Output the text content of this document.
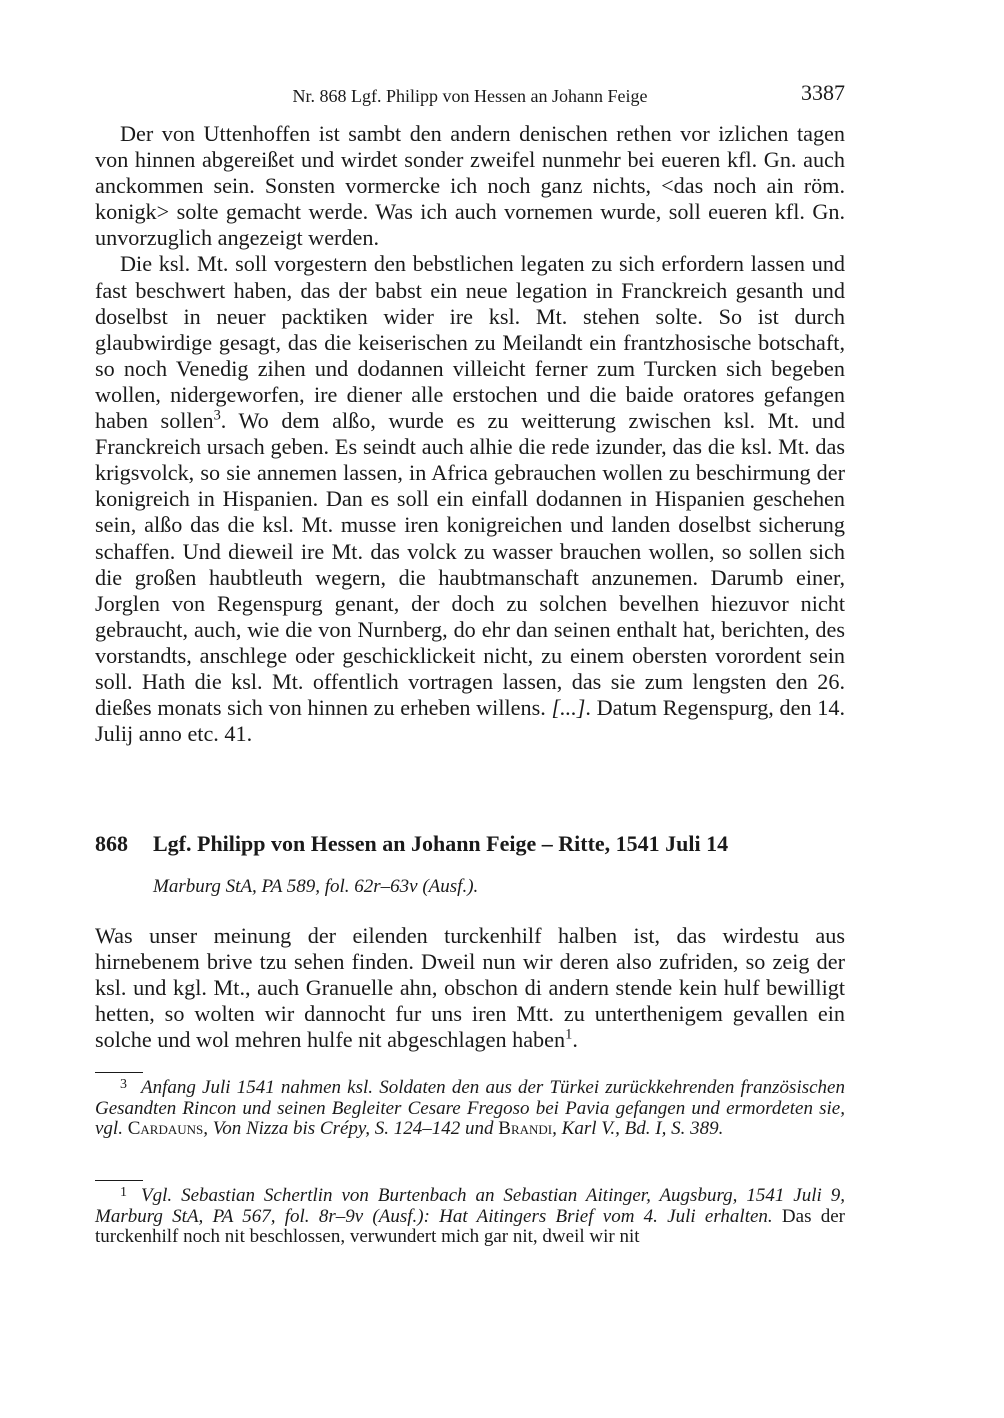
Nr. 868 Lgf. Philipp von Hessen an Johann Feige	3387

Der von Uttenhoffen ist sambt den andern denischen rethen vor izlichen tagen von hinnen abgereißet und wirdet sonder zweifel nunmehr bei eueren kfl. Gn. auch anckommen sein. Sonsten vormercke ich noch ganz nichts, <das noch ain röm. konigk> solte gemacht werde. Was ich auch vornemen wurde, soll eueren kfl. Gn. unvorzuglich angezeigt werden.

Die ksl. Mt. soll vorgestern den bebstlichen legaten zu sich erfordern lassen und fast beschwert haben, das der babst ein neue legation in Franckreich gesanth und doselbst in neuer packtiken wider ire ksl. Mt. stehen solte. So ist durch glaubwirdige gesagt, das die keiserischen zu Meilandt ein frantzhosische botschaft, so noch Venedig zihen und dodannen villeicht ferner zum Turcken sich begeben wollen, nidergeworfen, ire diener alle erstochen und die baide oratores gefangen haben sollen$^3$. Wo dem alßo, wurde es zu weitterung zwischen ksl. Mt. und Franckreich ursach geben. Es seindt auch alhie die rede izunder, das die ksl. Mt. das krigsvolck, so sie annemen lassen, in Africa gebrauchen wollen zu beschirmung der konigreich in Hispanien. Dan es soll ein einfall dodannen in Hispanien geschehen sein, alßo das die ksl. Mt. musse iren konigreichen und landen doselbst sicherung schaffen. Und dieweil ire Mt. das volck zu wasser brauchen wollen, so sollen sich die großen haubtleuth wegern, die haubtmanschaft anzunemen. Darumb einer, Jorglen von Regenspurg genant, der doch zu solchen bevelhen hiezuvor nicht gebraucht, auch, wie die von Nurnberg, do ehr dan seinen enthalt hat, berichten, des vorstandts, anschlege oder geschicklickeit nicht, zu einem obersten vorordent sein soll. Hath die ksl. Mt. offentlich vortragen lassen, das sie zum lengsten den 26. dießes monats sich von hinnen zu erheben willens. [...]. Datum Regenspurg, den 14. Julij anno etc. 41.

868 Lgf. Philipp von Hessen an Johann Feige – Ritte, 1541 Juli 14
Marburg StA, PA 589, fol. 62r–63v (Ausf.).

Was unser meinung der eilenden turckenhilf halben ist, das wirdestu aus hirnebenem brive tzu sehen finden. Dweil nun wir deren also zufriden, so zeig der ksl. und kgl. Mt., auch Granuelle ahn, obschon di andern stende kein hulf bewilligt hetten, so wolten wir dannocht fur uns iren Mtt. zu unterthenigem gevallen ein solche und wol mehren hulfe nit abgeschlagen haben$^1$.

3 Anfang Juli 1541 nahmen ksl. Soldaten den aus der Türkei zurückkehrenden französischen Gesandten Rincon und seinen Begleiter Cesare Fregoso bei Pavia gefangen und ermordeten sie, vgl. Cardauns, Von Nizza bis Crépy, S. 124–142 und Brandi, Karl V., Bd. I, S. 389.

1 Vgl. Sebastian Schertlin von Burtenbach an Sebastian Aitinger, Augsburg, 1541 Juli 9, Marburg StA, PA 567, fol. 8r–9v (Ausf.): Hat Aitingers Brief vom 4. Juli erhalten. Das der turckenhilf noch nit beschlossen, verwundert mich gar nit, dweil wir nit
